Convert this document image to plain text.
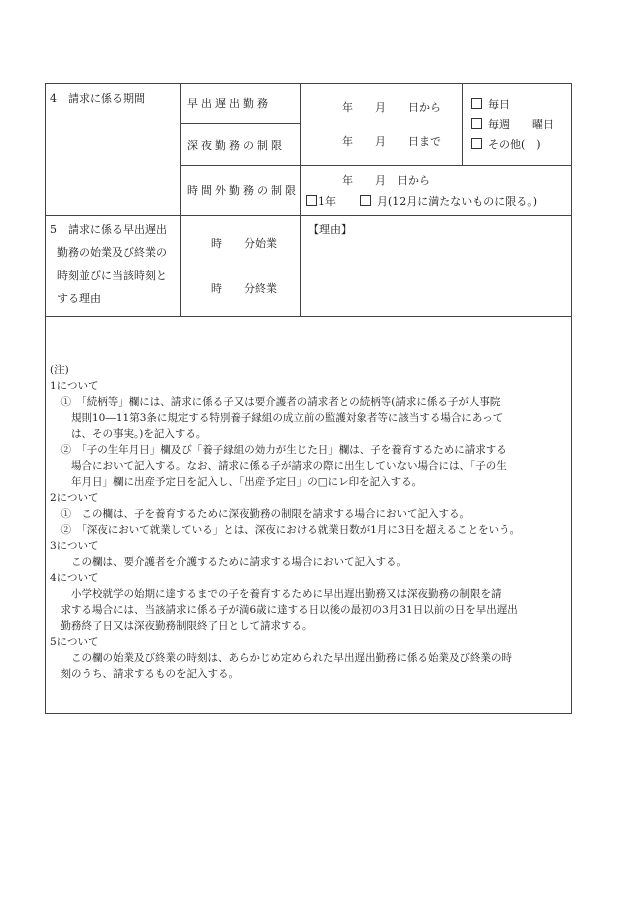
4　請求に係る期間	早出遅出勤務
深夜勤務の制限
時間外勤務の制限
年　　月　　日から
年　　月　　日まで
毎日
毎週　　曜日
その他(　)
年　　月　日から
1年	月(12月に満たないものに限る。)
5　請求に係る早出遅出
勤務の始業及び終業の
時刻並びに当該時刻と
する理由
時　　分始業
時　　分終業
【理由】
(注)
1について
　①　「続柄等」欄には、請求に係る子又は要介護者の請求者との続柄等(請求に係る子が人事院
　　規則10―11第3条に規定する特別養子縁組の成立前の監護対象者等に該当する場合にあって
　　は、その事実。)を記入する。
　②　「子の生年月日」欄及び「養子縁組の効力が生じた日」欄は、子を養育するために請求する
　　場合において記入する。なお、請求に係る子が請求の際に出生していない場合には、「子の生
　　年月日」欄に出産予定日を記入し、「出産予定日」の□にレ印を記入する。
2について
　①　この欄は、子を養育するために深夜勤務の制限を請求する場合において記入する。
　②　「深夜において就業している」とは、深夜における就業日数が1月に3日を超えることをいう。
3について
　　この欄は、要介護者を介護するために請求する場合において記入する。
4について
　　小学校就学の始期に達するまでの子を養育するために早出遅出勤務又は深夜勤務の制限を請
　求する場合には、当該請求に係る子が満6歳に達する日以後の最初の3月31日以前の日を早出遅出
　勤務終了日又は深夜勤務制限終了日として請求する。
5について
　　この欄の始業及び終業の時刻は、あらかじめ定められた早出遅出勤務に係る始業及び終業の時
　刻のうち、請求するものを記入する。
